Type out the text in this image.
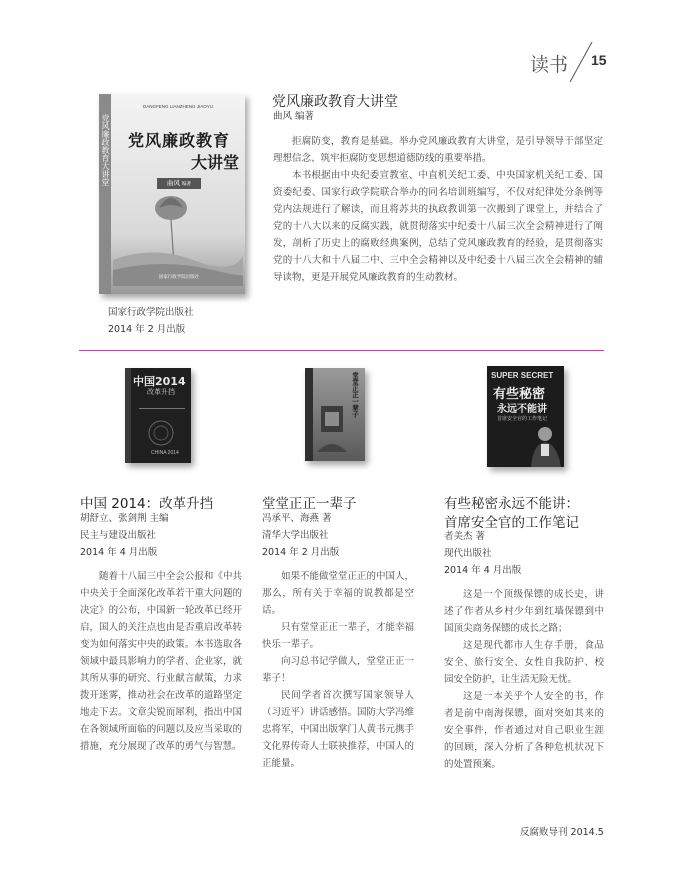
读书 15
党风廉政教育大讲堂
DANGFENG LIANZHENG JIAOYU
党风廉政教育
大讲堂
曲风 编著
国家行政学院出版社
国家行政学院出版社
2014 年 2 月出版
党风廉政教育大讲堂
曲风 编著

拒腐防变，教育是基础。举办党风廉政教育大讲堂，是引导领导干部坚定理想信念、筑牢拒腐防变思想道德防线的重要举措。

本书根据由中央纪委宣教室、中直机关纪工委、中央国家机关纪工委、国资委纪委、国家行政学院联合举办的同名培训班编写，不仅对纪律处分条例等党内法规进行了解读，而且将苏共的执政教训第一次搬到了课堂上，并结合了党的十八大以来的反腐实践，就贯彻落实中纪委十八届三次全会精神进行了阐发，剖析了历史上的腐败经典案例，总结了党风廉政教育的经验，是贯彻落实党的十八大和十八届二中、三中全会精神以及中纪委十八届三次全会精神的辅导读物，更是开展党风廉政教育的生动教材。

中国2014
改革升挡
CHINA 2014
堂堂正正一辈子	SUPER SECRET
有些秘密
永远不能讲
首席安全官的工作笔记
中国 2014：改革升挡
胡舒立、张剑荆 主编
民主与建设出版社
2014 年 4 月出版

随着十八届三中全会公报和《中共中央关于全面深化改革若干重大问题的决定》的公布，中国新一轮改革已经开启，国人的关注点也由是否重启改革转变为如何落实中央的政策。本书选取各领域中最具影响力的学者、企业家，就其所从事的研究、行业献言献策，力求拨开迷雾，推动社会在改革的道路坚定地走下去。文章尖锐而犀利，指出中国在各领域所面临的问题以及应当采取的措施，充分展现了改革的勇气与智慧。

堂堂正正一辈子
冯承平、海燕 著
清华大学出版社
2014 年 2 月出版

如果不能做堂堂正正的中国人，那么，所有关于幸福的说教都是空话。

只有堂堂正正一辈子，才能幸福快乐一辈子。

向习总书记学做人，堂堂正正一辈子！

民间学者首次撰写国家领导人（习近平）讲话感悟。国防大学冯维忠将军，中国出版掌门人黄书元携手文化界传奇人士联袂推荐，中国人的正能量。

有些秘密永远不能讲：
首席安全官的工作笔记
者美杰 著
现代出版社
2014 年 4 月出版

这是一个顶级保镖的成长史，讲述了作者从乡村少年到红墙保镖到中国顶尖商务保镖的成长之路；

这是现代都市人生存手册，食品安全、旅行安全、女性自我防护、校园安全防护，让生活无险无忧。

这是一本关乎个人安全的书，作者是前中南海保镖，面对突如其来的安全事件，作者通过对自己职业生涯的回顾，深入分析了各种危机状况下的处置预案。

反腐败导刊 2014.5
